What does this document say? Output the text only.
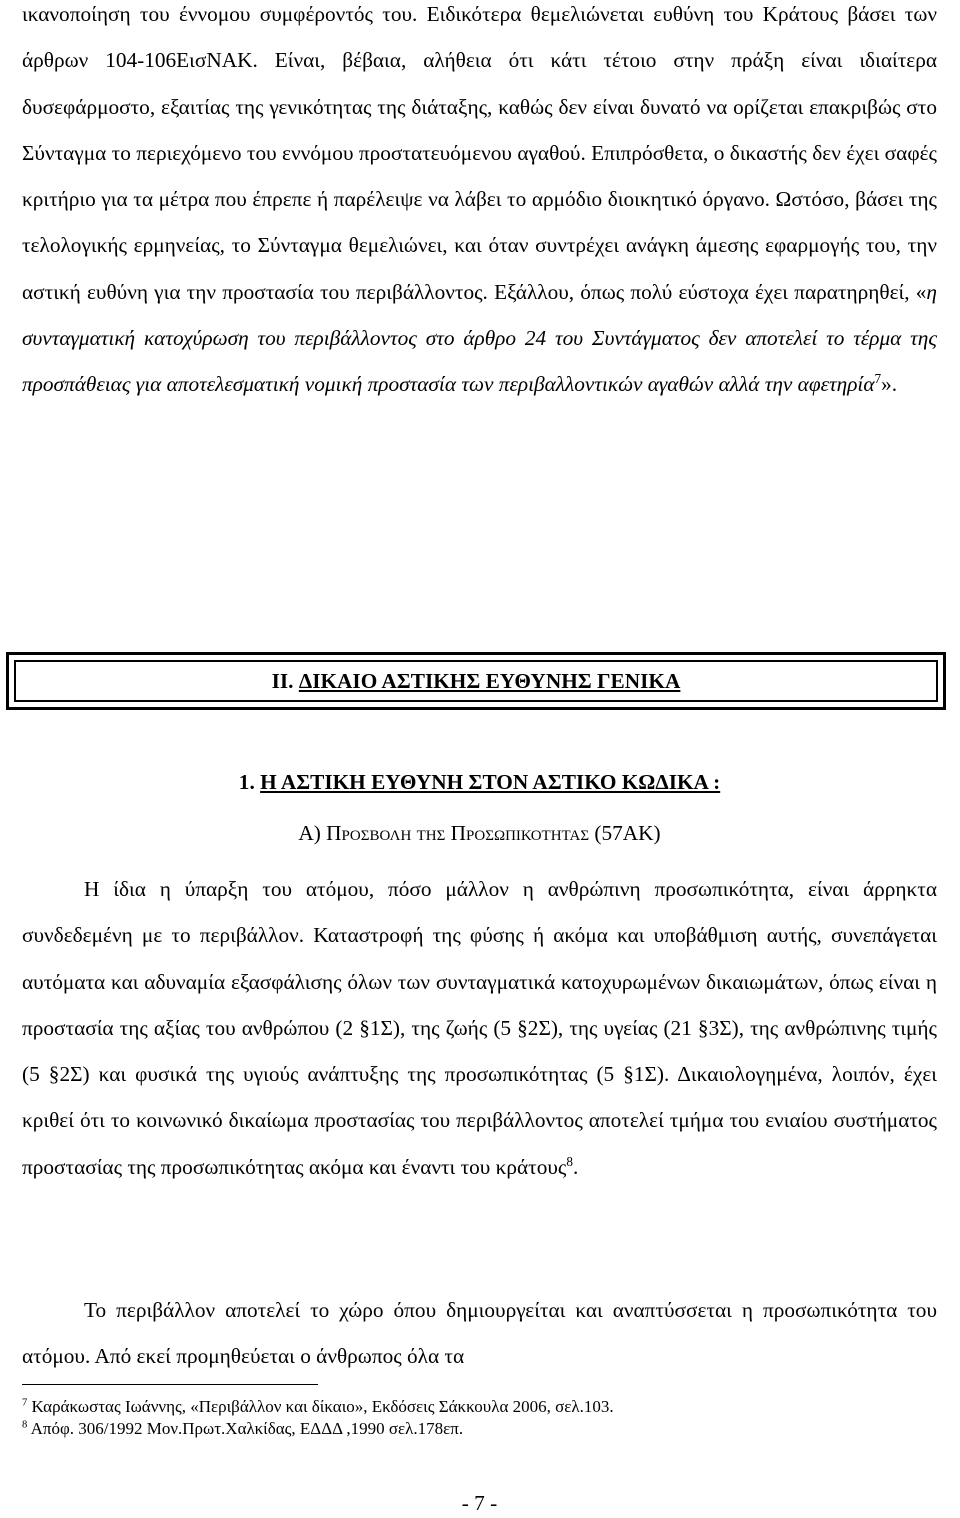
ικανοποίηση του έννομου συμφέροντός του. Ειδικότερα θεμελιώνεται ευθύνη του Κράτους βάσει των άρθρων 104-106ΕισΝΑΚ. Είναι, βέβαια, αλήθεια ότι κάτι τέτοιο στην πράξη είναι ιδιαίτερα δυσεφάρμοστο, εξαιτίας της γενικότητας της διάταξης, καθώς δεν είναι δυνατό να ορίζεται επακριβώς στο Σύνταγμα το περιεχόμενο του εννόμου προστατευόμενου αγαθού. Επιπρόσθετα, ο δικαστής δεν έχει σαφές κριτήριο για τα μέτρα που έπρεπε ή παρέλειψε να λάβει το αρμόδιο διοικητικό όργανο. Ωστόσο, βάσει της τελολογικής ερμηνείας, το Σύνταγμα θεμελιώνει, και όταν συντρέχει ανάγκη άμεσης εφαρμογής του, την αστική ευθύνη για την προστασία του περιβάλλοντος. Εξάλλου, όπως πολύ εύστοχα έχει παρατηρηθεί, «η συνταγματική κατοχύρωση του περιβάλλοντος στο άρθρο 24 του Συντάγματος δεν αποτελεί το τέρμα της προσπάθειας για αποτελεσματική νομική προστασία των περιβαλλοντικών αγαθών αλλά την αφετηρία$^7$».

II.
ΔΙΚΑΙΟ ΑΣΤΙΚΗΣ ΕΥΘΥΝΗΣ ΓΕΝΙΚΑ
1. Η ΑΣΤΙΚΗ ΕΥΘΥΝΗ ΣΤΟΝ ΑΣΤΙΚΟ ΚΩΔΙΚΑ :
Α) Προσβολη της Προσωπικοτητας (57ΑΚ)

Η ίδια η ύπαρξη του ατόμου, πόσο μάλλον η ανθρώπινη προσωπικότητα, είναι άρρηκτα συνδεδεμένη με το περιβάλλον. Καταστροφή της φύσης ή ακόμα και υποβάθμιση αυτής, συνεπάγεται αυτόματα και αδυναμία εξασφάλισης όλων των συνταγματικά κατοχυρωμένων δικαιωμάτων, όπως είναι η προστασία της αξίας του ανθρώπου (2 §1Σ), της ζωής (5 §2Σ), της υγείας (21 §3Σ), της ανθρώπινης τιμής (5 §2Σ) και φυσικά της υγιούς ανάπτυξης της προσωπικότητας (5 §1Σ). Δικαιολογημένα, λοιπόν, έχει κριθεί ότι το κοινωνικό δικαίωμα προστασίας του περιβάλλοντος αποτελεί τμήμα του ενιαίου συστήματος προστασίας της προσωπικότητας ακόμα και έναντι του κράτους$^8$.

Το περιβάλλον αποτελεί το χώρο όπου δημιουργείται και αναπτύσσεται η προσωπικότητα του ατόμου. Από εκεί προμηθεύεται ο άνθρωπος όλα τα

$^7$ Καράκωστας Ιωάννης, «Περιβάλλον και δίκαιο», Εκδόσεις Σάκκουλα 2006, σελ.103.
$^8$ Απόφ. 306/1992 Μον.Πρωτ.Χαλκίδας, ΕΔΔΔ ,1990 σελ.178επ.
- 7 -
